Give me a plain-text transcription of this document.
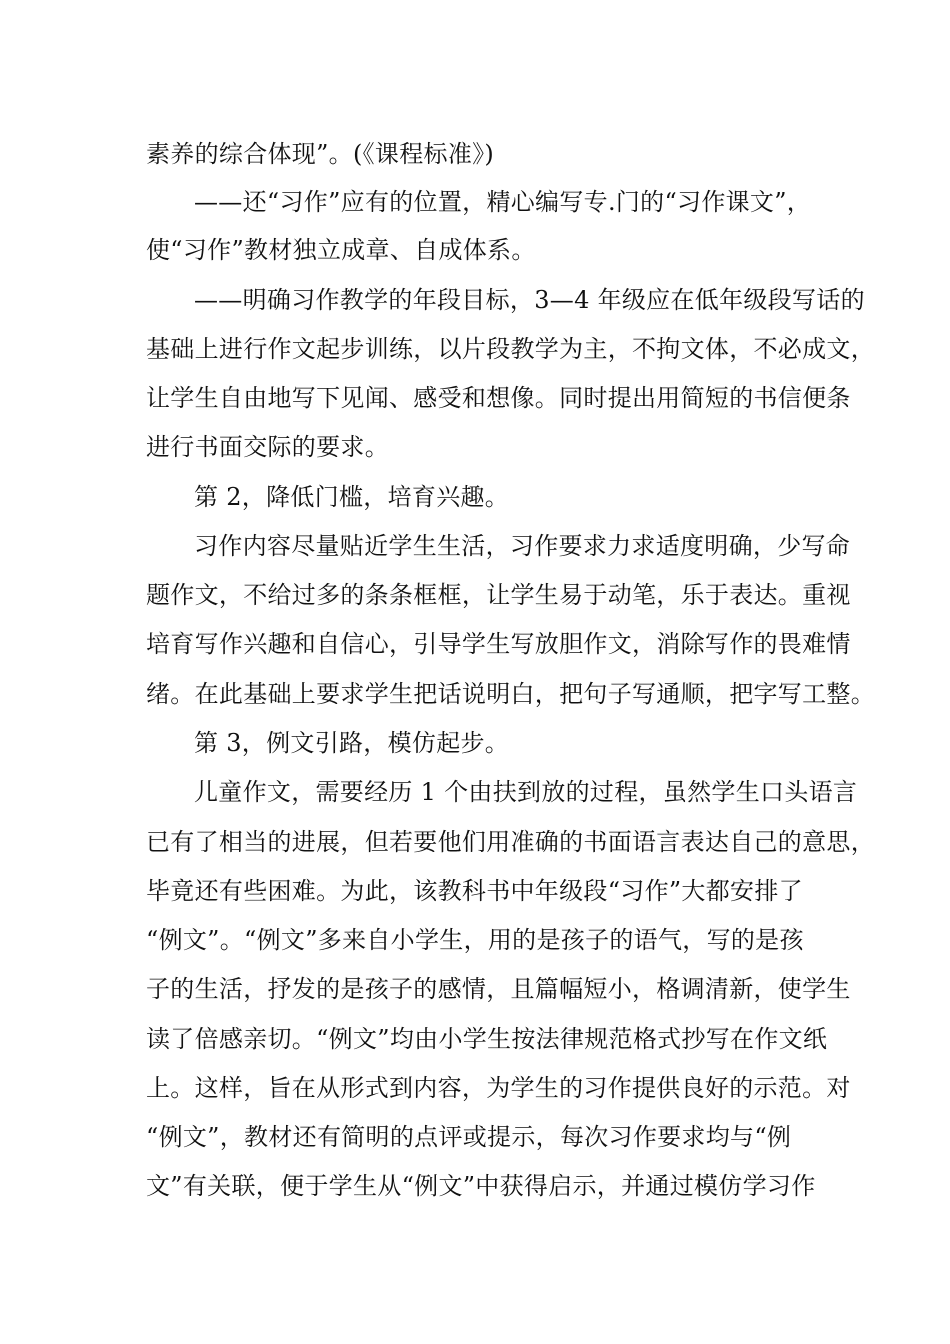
素养的综合体现”。(《课程标准》)
——还“习作”应有的位置，精心编写专.门的“习作课文”，
使“习作”教材独立成章、自成体系。
——明确习作教学的年段目标，3—4 年级应在低年级段写话的
基础上进行作文起步训练，以片段教学为主，不拘文体，不必成文，
让学生自由地写下见闻、感受和想像。同时提出用简短的书信便条
进行书面交际的要求。
第 2，降低门槛，培育兴趣。
习作内容尽量贴近学生生活，习作要求力求适度明确，少写命
题作文，不给过多的条条框框，让学生易于动笔，乐于表达。重视
培育写作兴趣和自信心，引导学生写放胆作文，消除写作的畏难情
绪。在此基础上要求学生把话说明白，把句子写通顺，把字写工整。
第 3，例文引路，模仿起步。
儿童作文，需要经历 1 个由扶到放的过程，虽然学生口头语言
已有了相当的进展，但若要他们用准确的书面语言表达自己的意思，
毕竟还有些困难。为此，该教科书中年级段“习作”大都安排了
“例文”。“例文”多来自小学生，用的是孩子的语气，写的是孩
子的生活，抒发的是孩子的感情，且篇幅短小，格调清新，使学生
读了倍感亲切。“例文”均由小学生按法律规范格式抄写在作文纸
上。这样，旨在从形式到内容，为学生的习作提供良好的示范。对
“例文”，教材还有简明的点评或提示，每次习作要求均与“例
文”有关联，便于学生从“例文”中获得启示，并通过模仿学习作
